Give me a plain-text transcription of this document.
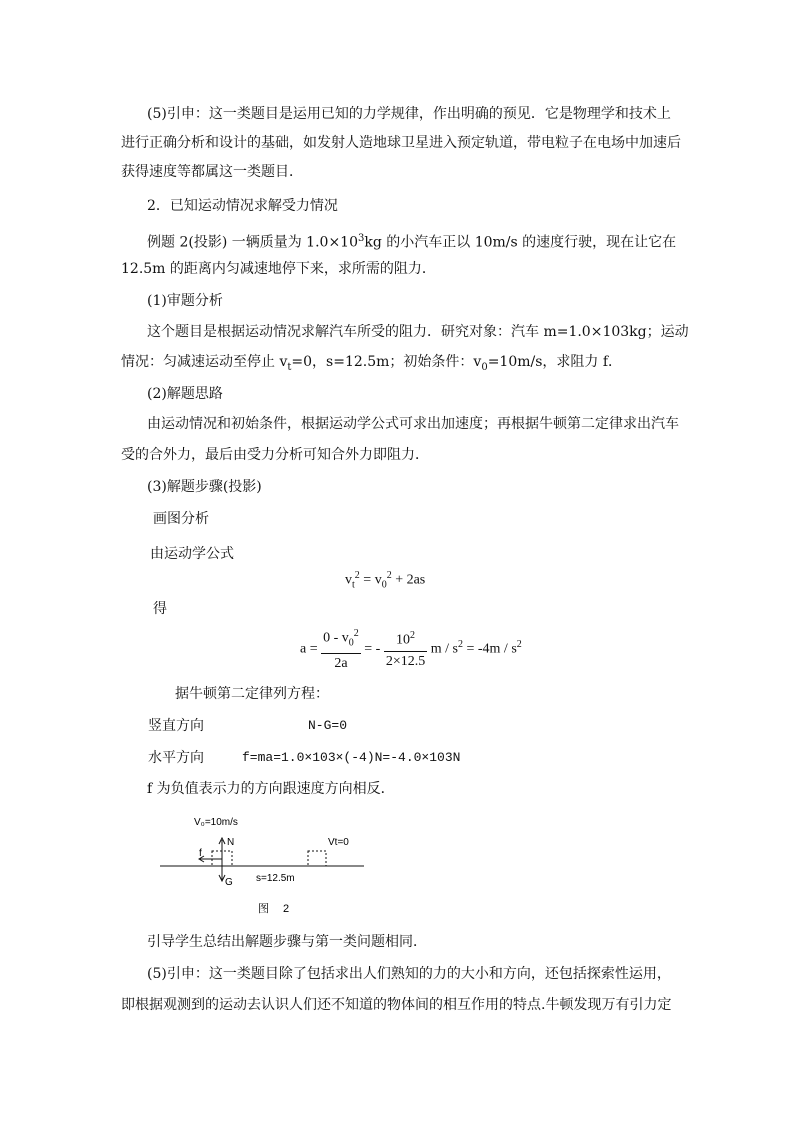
(5)引申：这一类题目是运用已知的力学规律，作出明确的预见．它是物理学和技术上
进行正确分析和设计的基础，如发射人造地球卫星进入预定轨道，带电粒子在电场中加速后
获得速度等都属这一类题目．
2．已知运动情况求解受力情况
例题 2(投影) 一辆质量为 $1.0\times 10^3kg$ 的小汽车正以 10m/s 的速度行驶，现在让它在
12.5m 的距离内匀减速地停下来，求所需的阻力．
(1)审题分析
这个题目是根据运动情况求解汽车所受的阻力．研究对象：汽车 m=1.0×103kg；运动
情况：匀减速运动至停止 $v_t=0$，s=12.5m；初始条件：$v_0=10m/s$，求阻力 f．
(2)解题思路
由运动情况和初始条件，根据运动学公式可求出加速度；再根据牛顿第二定律求出汽车
受的合外力，最后由受力分析可知合外力即阻力．
(3)解题步骤(投影)
画图分析
由运动学公式
$v_t^2 = v_0^2 + 2as$
得
$a = \frac{0 - v_0^2}{2a}$ = - $\frac{10^2}{2\times 12.5}$ $m / s^2 = -4m / s^2$
据牛顿第二定律列方程：
竖直方向	N-G=0
水平方向	f=ma=1.0×103×(-4)N=-4.0×103N
f 为负值表示力的方向跟速度方向相反．
V₀=10m/s
N
G
f
Vt=0
s=12.5m
图　 2
引导学生总结出解题步骤与第一类问题相同．
(5)引申：这一类题目除了包括求出人们熟知的力的大小和方向，还包括探索性运用，
即根据观测到的运动去认识人们还不知道的物体间的相互作用的特点.牛顿发现万有引力定
